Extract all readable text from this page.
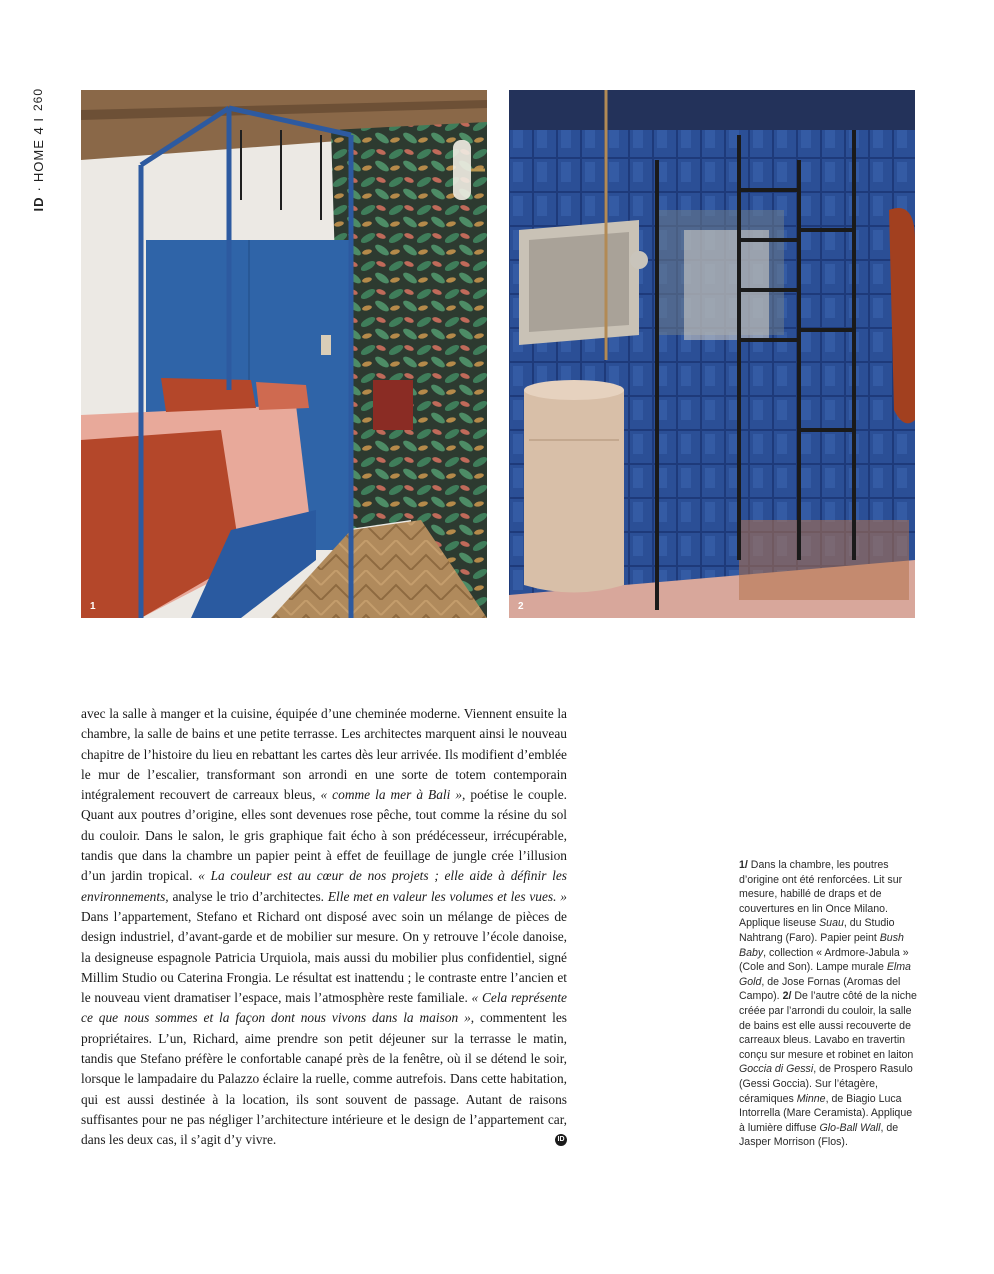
ID
·
HOME 4 I
260
1	2

avec la salle à manger et la cuisine, équipée d’une cheminée moderne. Viennent ensuite la chambre, la salle de bains et une petite terrasse. Les architectes marquent ainsi le nouveau chapitre de l’histoire du lieu en rebattant les cartes dès leur arrivée. Ils modifient d’emblée le mur de l’escalier, transformant son arrondi en une sorte de totem contemporain intégralement recouvert de carreaux bleus, « comme la mer à Bali », poétise le couple. Quant aux poutres d’origine, elles sont devenues rose pêche, tout comme la résine du sol du couloir. Dans le salon, le gris graphique fait écho à son prédécesseur, irrécupérable, tandis que dans la chambre un papier peint à effet de feuillage de jungle crée l’illusion d’un jardin tropical. « La couleur est au cœur de nos projets ; elle aide à définir les environnements, analyse le trio d’architectes. Elle met en valeur les volumes et les vues. » Dans l’appartement, Stefano et Richard ont disposé avec soin un mélange de pièces de design industriel, d’avant-garde et de mobilier sur mesure. On y retrouve l’école danoise, la designeuse espagnole Patricia Urquiola, mais aussi du mobilier plus confidentiel, signé Millim Studio ou Caterina Frongia. Le résultat est inattendu ; le contraste entre l’ancien et le nouveau vient dramatiser l’espace, mais l’atmosphère reste familiale. « Cela représente ce que nous sommes et la façon dont nous vivons dans la maison », commentent les propriétaires. L’un, Richard, aime prendre son petit déjeuner sur la terrasse le matin, tandis que Stefano préfère le confortable canapé près de la fenêtre, où il se détend le soir, lorsque le lampadaire du Palazzo éclaire la ruelle, comme autrefois. Dans cette habitation, qui est aussi destinée à la location, ils sont souvent de passage. Autant de raisons suffisantes pour ne pas négliger l’architecture intérieure et le design de l’appartement car, dans les deux cas, il s’agit d’y vivre.	ID

1/ Dans la chambre, les poutres d’origine ont été renforcées. Lit sur mesure, habillé de draps et de couvertures en lin Once Milano. Applique liseuse Suau, du Studio Nahtrang (Faro). Papier peint Bush Baby, collection « Ardmore-Jabula » (Cole and Son). Lampe murale Elma Gold, de Jose Fornas (Aromas del Campo). 2/ De l’autre côté de la niche créée par l’arrondi du couloir, la salle de bains est elle aussi recouverte de carreaux bleus. Lavabo en travertin conçu sur mesure et robinet en laiton Goccia di Gessi, de Prospero Rasulo (Gessi Goccia). Sur l’étagère, céramiques Minne, de Biagio Luca Intorrella (Mare Ceramista). Applique à lumière diffuse Glo-Ball Wall, de Jasper Morrison (Flos).
